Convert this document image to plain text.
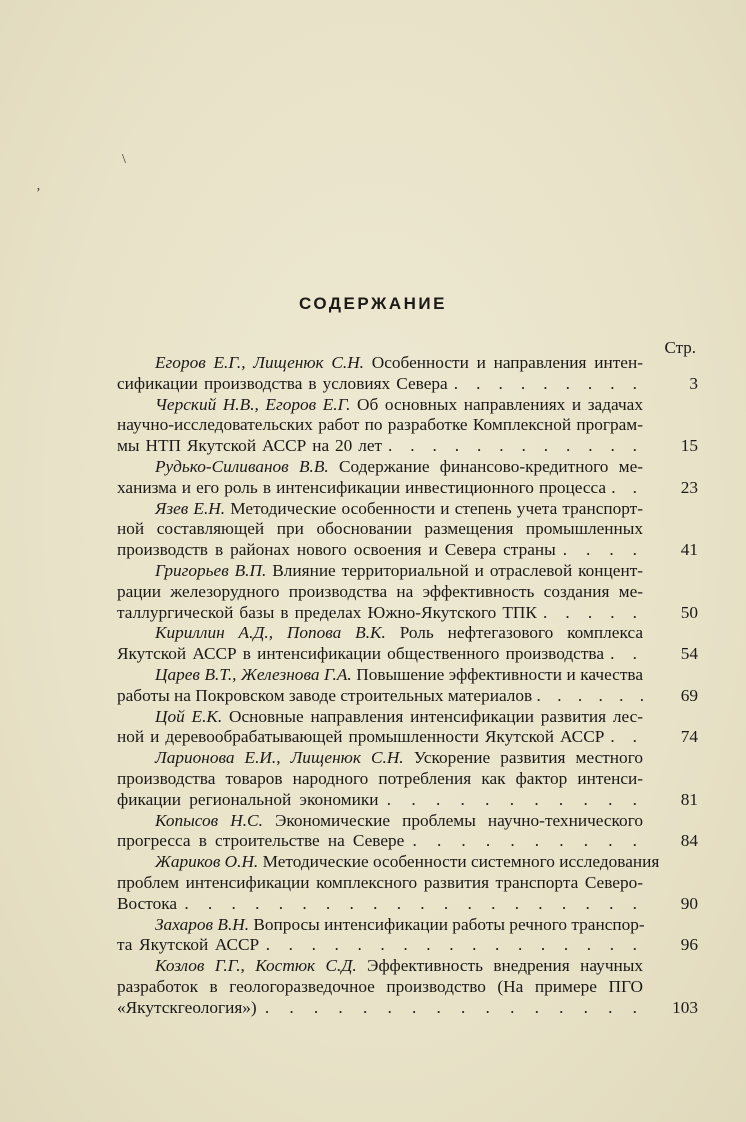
\
ʼ
СОДЕРЖАНИЕ
Стр.
Егоров Е.Г., Лищенюк С.Н. Особенности и направления интен-
сификации производства в условиях Севера . . . . . . . . .	3
Черский Н.В., Егоров Е.Г. Об основных направлениях и задачах
научно-исследовательских работ по разработке Комплексной програм-
мы НТП Якутской АССР на 20 лет . . . . . . . . . . . .	15
Рудько-Силиванов В.В. Содержание финансово-кредитного ме-
ханизма и его роль в интенсификации инвестиционного процесса . .	23
Язев Е.Н. Методические особенности и степень учета транспорт-
ной составляющей при обосновании размещения промышленных
производств в районах нового освоения и Севера страны . . . .	41
Григорьев В.П. Влияние территориальной и отраслевой концент-
рации железорудного производства на эффективность создания ме-
таллургической базы в пределах Южно-Якутского ТПК . . . . .	50
Кириллин А.Д., Попова В.К. Роль нефтегазового комплекса
Якутской АССР в интенсификации общественного производства . .	54
Царев В.Т., Железнова Г.А. Повышение эффективности и качества
работы на Покровском заводе строительных материалов . . . . . .	69
Цой Е.К. Основные направления интенсификации развития лес-
ной и деревообрабатывающей промышленности Якутской АССР . .	74
Ларионова Е.И., Лищенюк С.Н. Ускорение развития местного
производства товаров народного потребления как фактор интенси-
фикации региональной экономики . . . . . . . . . . .	81
Копысов Н.С. Экономические проблемы научно-технического
прогресса в строительстве на Севере . . . . . . . . . .	84
Жариков О.Н. Методические особенности системного исследования
проблем интенсификации комплексного развития транспорта Северо-
Востока . . . . . . . . . . . . . . . . . . . .	90
Захаров В.Н. Вопросы интенсификации работы речного транспор-
та Якутской АССР . . . . . . . . . . . . . . . . .	96
Козлов Г.Г., Костюк С.Д. Эффективность внедрения научных
разработок в геологоразведочное производство (На примере ПГО
«Якутскгеология») . . . . . . . . . . . . . . . .	103
